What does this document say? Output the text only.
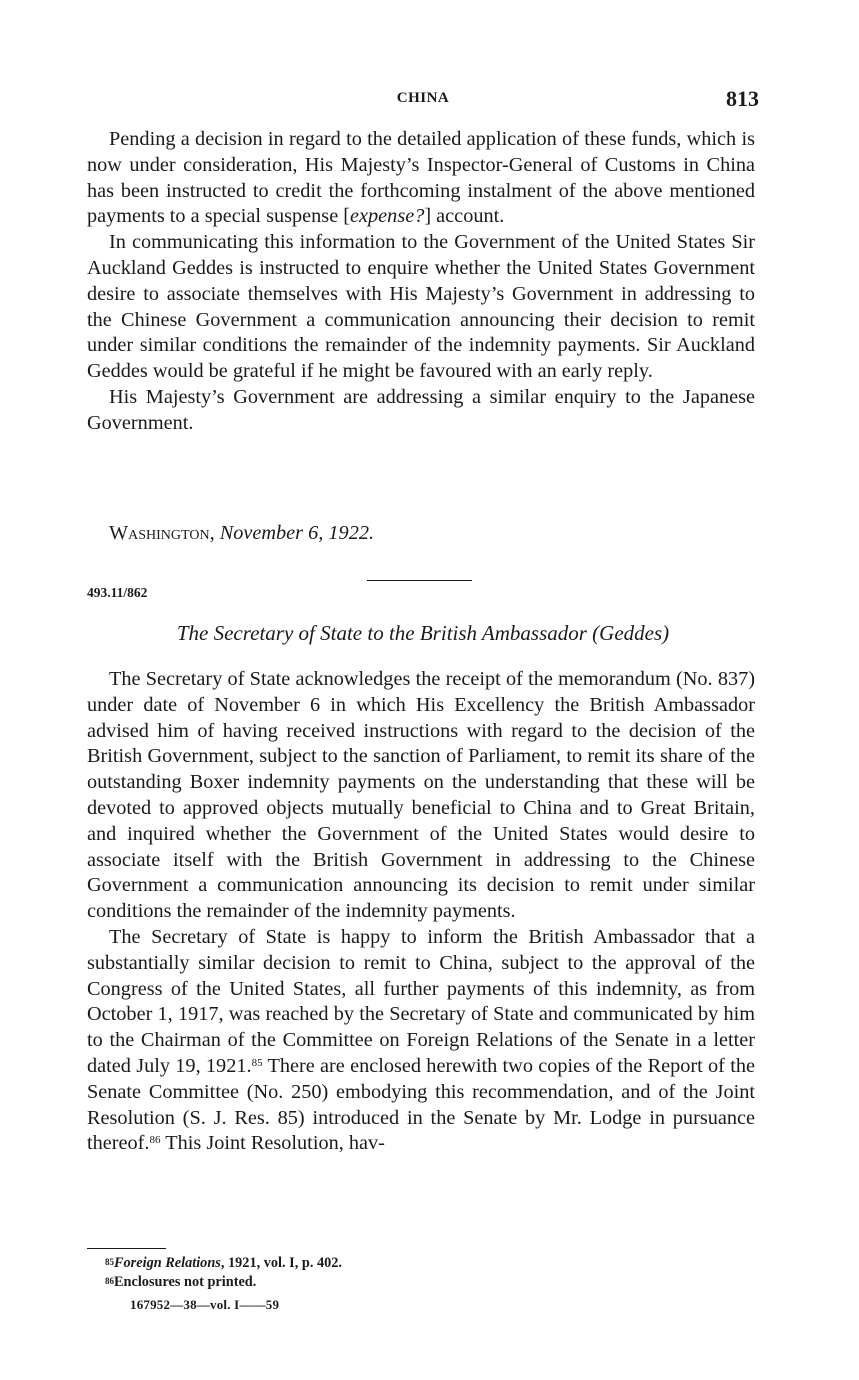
CHINA	813

Pending a decision in regard to the detailed application of these funds, which is now under consideration, His Majesty’s Inspector-General of Customs in China has been instructed to credit the forthcoming instalment of the above mentioned payments to a special suspense [expense?] account.

In communicating this information to the Government of the United States Sir Auckland Geddes is instructed to enquire whether the United States Government desire to associate themselves with His Majesty’s Government in addressing to the Chinese Government a communication announcing their decision to remit under similar conditions the remainder of the indemnity payments. Sir Auckland Geddes would be grateful if he might be favoured with an early reply.

His Majesty’s Government are addressing a similar enquiry to the Japanese Government.

Washington, November 6, 1922.
493.11/862
The Secretary of State to the British Ambassador (Geddes)

The Secretary of State acknowledges the receipt of the memorandum (No. 837) under date of November 6 in which His Excellency the British Ambassador advised him of having received instructions with regard to the decision of the British Government, subject to the sanction of Parliament, to remit its share of the outstanding Boxer indemnity payments on the understanding that these will be devoted to approved objects mutually beneficial to China and to Great Britain, and inquired whether the Government of the United States would desire to associate itself with the British Government in addressing to the Chinese Government a communication announcing its decision to remit under similar conditions the remainder of the indemnity payments.

The Secretary of State is happy to inform the British Ambassador that a substantially similar decision to remit to China, subject to the approval of the Congress of the United States, all further payments of this indemnity, as from October 1, 1917, was reached by the Secretary of State and communicated by him to the Chairman of the Committee on Foreign Relations of the Senate in a letter dated July 19, 1921.85 There are enclosed herewith two copies of the Report of the Senate Committee (No. 250) embodying this recommendation, and of the Joint Resolution (S. J. Res. 85) introduced in the Senate by Mr. Lodge in pursuance thereof.$^{86}$ This Joint Resolution, hav-

$^{85}$Foreign Relations, 1921, vol. I, p. 402.
$^{86}$Enclosures not printed.
167952—38—vol. I——59
